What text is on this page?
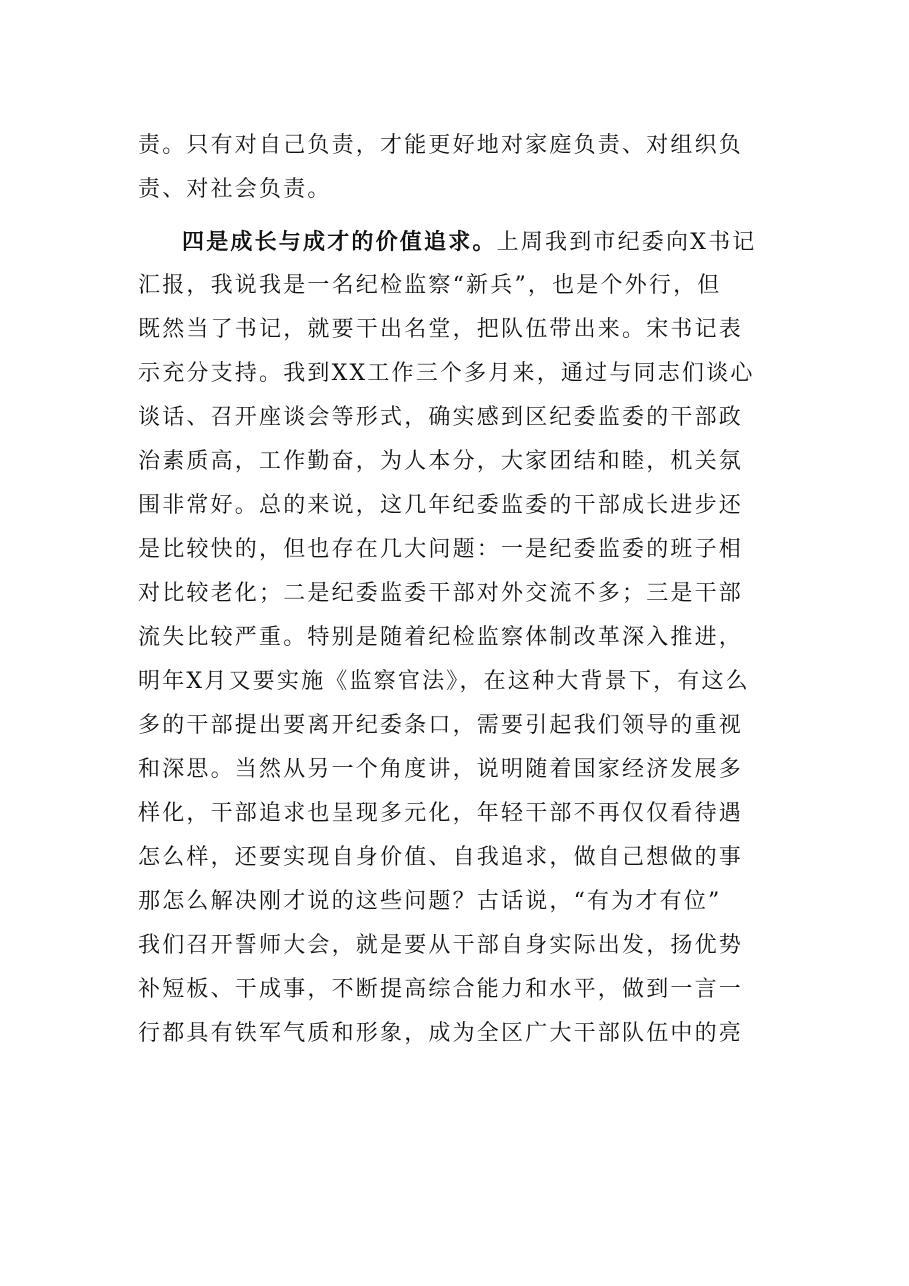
责。只有对自己负责，才能更好地对家庭负责、对组织负
责、对社会负责。
四是成长与成才的价值追求。上周我到市纪委向X书记
汇报，我说我是一名纪检监察“新兵”，也是个外行，但
既然当了书记，就要干出名堂，把队伍带出来。宋书记表
示充分支持。我到XX工作三个多月来，通过与同志们谈心
谈话、召开座谈会等形式，确实感到区纪委监委的干部政
治素质高，工作勤奋，为人本分，大家团结和睦，机关氛
围非常好。总的来说，这几年纪委监委的干部成长进步还
是比较快的，但也存在几大问题：一是纪委监委的班子相
对比较老化；二是纪委监委干部对外交流不多；三是干部
流失比较严重。特别是随着纪检监察体制改革深入推进，
明年X月又要实施《监察官法》，在这种大背景下，有这么
多的干部提出要离开纪委条口，需要引起我们领导的重视
和深思。当然从另一个角度讲，说明随着国家经济发展多
样化，干部追求也呈现多元化，年轻干部不再仅仅看待遇
怎么样，还要实现自身价值、自我追求，做自己想做的事
那怎么解决刚才说的这些问题？古话说，“有为才有位”
我们召开誓师大会，就是要从干部自身实际出发，扬优势
补短板、干成事，不断提高综合能力和水平，做到一言一
行都具有铁军气质和形象，成为全区广大干部队伍中的亮
